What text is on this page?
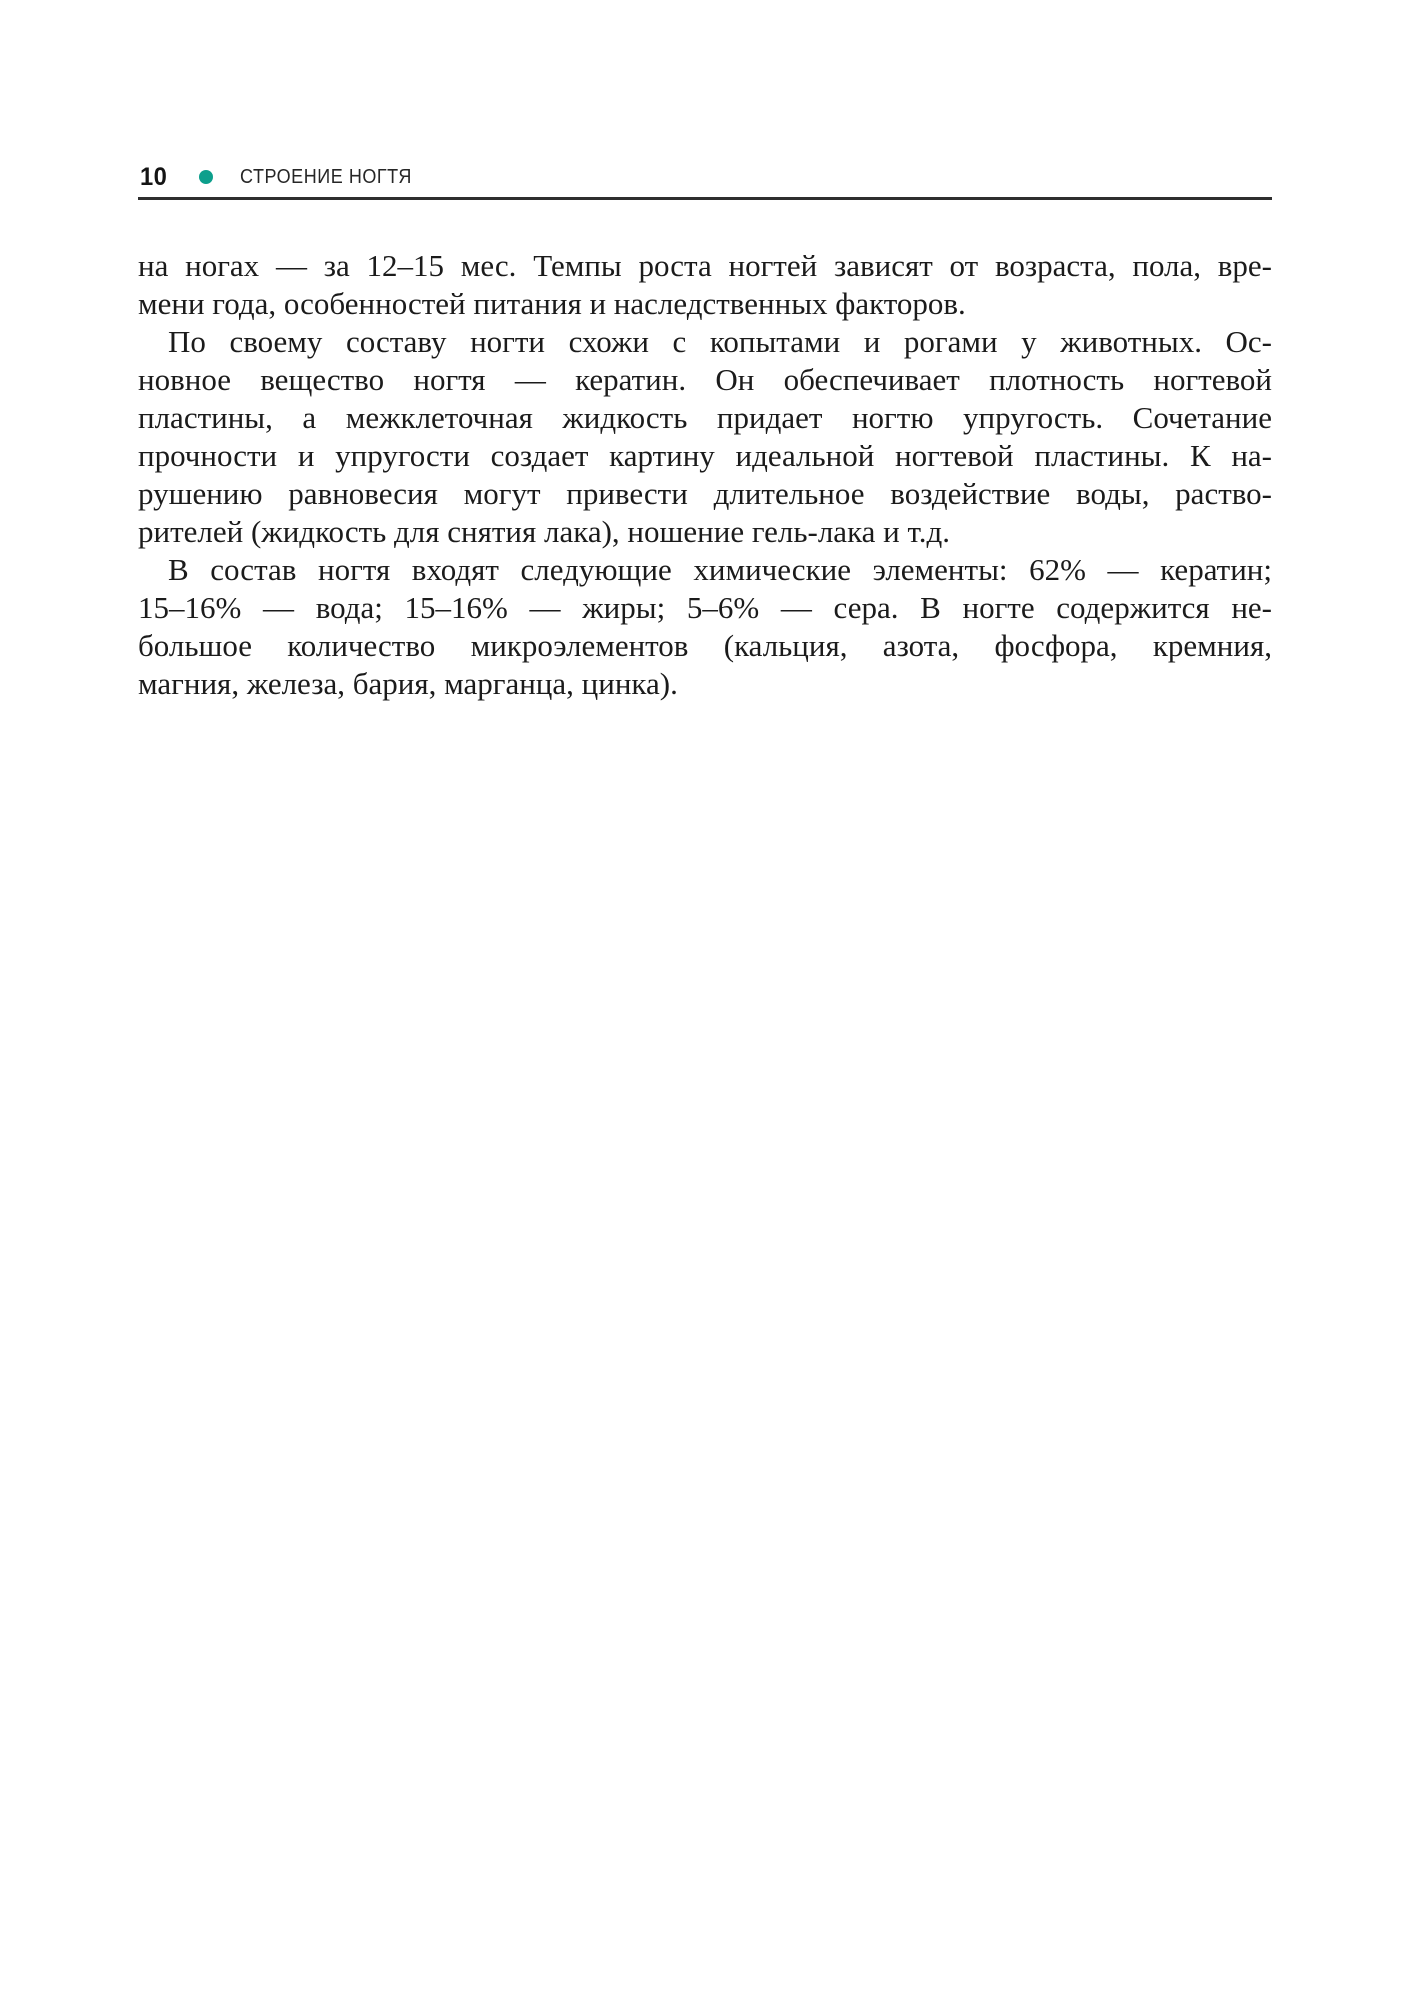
10	СТРОЕНИЕ НОГТЯ
на ногах — за 12–15 мес. Темпы роста ногтей зависят от возраста, пола, вре-
мени года, особенностей питания и наследственных факторов.
По своему составу ногти схожи с копытами и рогами у животных. Ос-
новное вещество ногтя — кератин. Он обеспечивает плотность ногтевой
пластины, а межклеточная жидкость придает ногтю упругость. Сочетание
прочности и упругости создает картину идеальной ногтевой пластины. К на-
рушению равновесия могут привести длительное воздействие воды, раство-
рителей (жидкость для снятия лака), ношение гель-лака и т.д.
В состав ногтя входят следующие химические элементы: 62% — кератин;
15–16% — вода; 15–16% — жиры; 5–6% — сера. В ногте содержится не-
большое количество микроэлементов (кальция, азота, фосфора, кремния,
магния, железа, бария, марганца, цинка).
